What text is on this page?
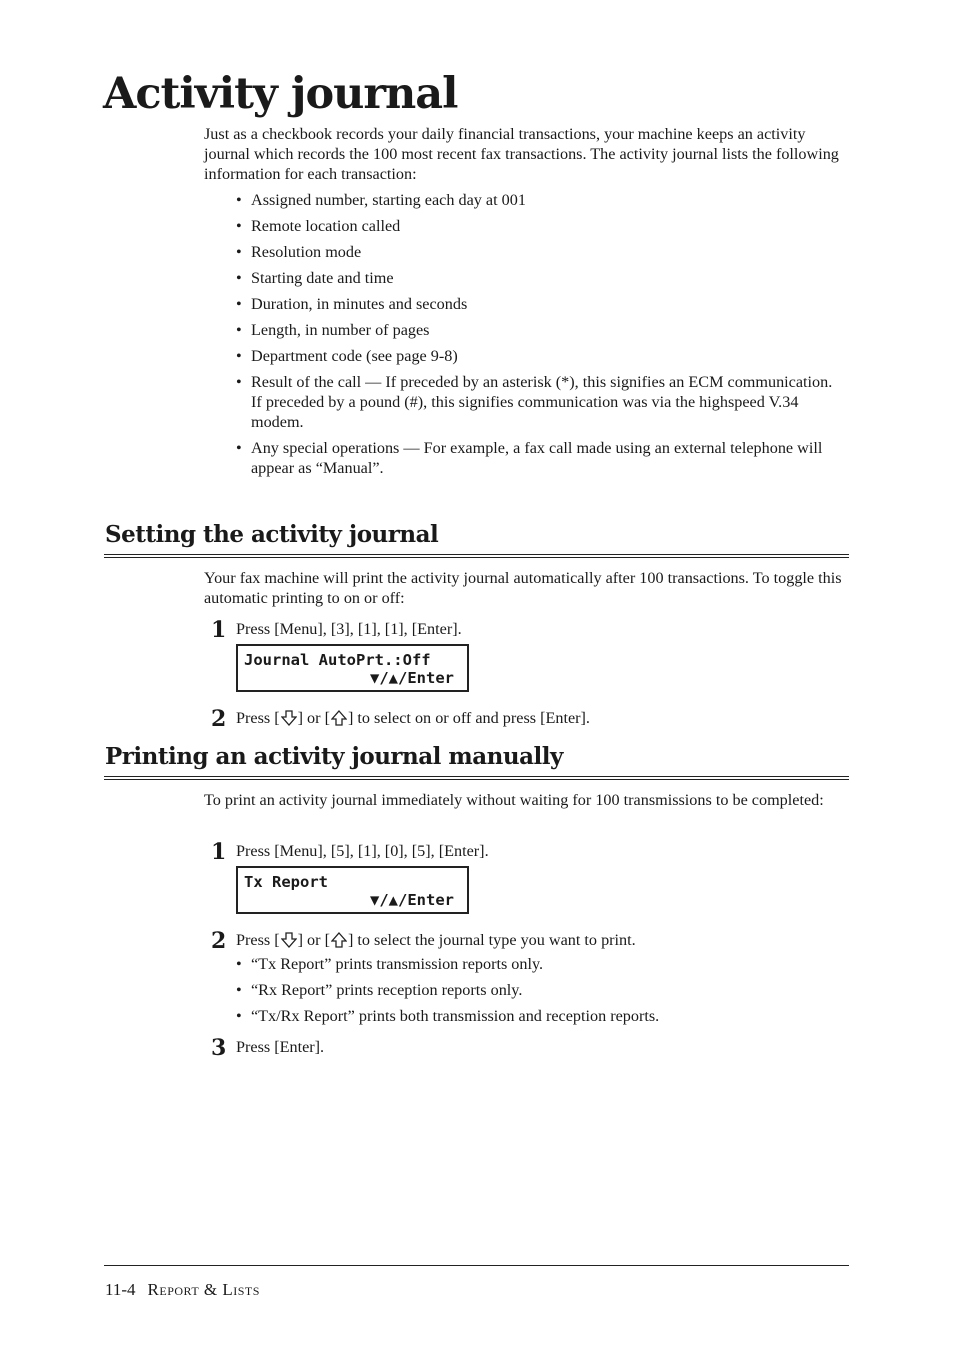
Activity journal

Just as a checkbook records your daily financial transactions, your machine keeps an activity journal which records the 100 most recent fax transactions. The activity journal lists the following information for each transaction:

• Assigned number, starting each day at 001
• Remote location called
• Resolution mode
• Starting date and time
• Duration, in minutes and seconds
• Length, in number of pages
• Department code (see page 9-8)
• Result of the call — If preceded by an asterisk (*), this signifies an ECM communication. If preceded by a pound (#), this signifies communication was via the highspeed V.34 modem.
• Any special operations — For example, a fax call made using an external telephone will appear as “Manual”.
Setting the activity journal

Your fax machine will print the activity journal automatically after 100 transactions. To toggle this automatic printing to on or off:

1 Press [Menu], [3], [1], [1], [Enter].
Journal AutoPrt.:Off
▼/▲/Enter
2 Press [ ] or [ ] to select on or off and press [Enter].
Printing an activity journal manually

To print an activity journal immediately without waiting for 100 transmissions to be completed:

1 Press [Menu], [5], [1], [0], [5], [Enter].
Tx Report
▼/▲/Enter
2 Press [ ] or [ ] to select the journal type you want to print.
• “Tx Report” prints transmission reports only.
• “Rx Report” prints reception reports only.
• “Tx/Rx Report” prints both transmission and reception reports.
3 Press [Enter].
11-4 Report & Lists
